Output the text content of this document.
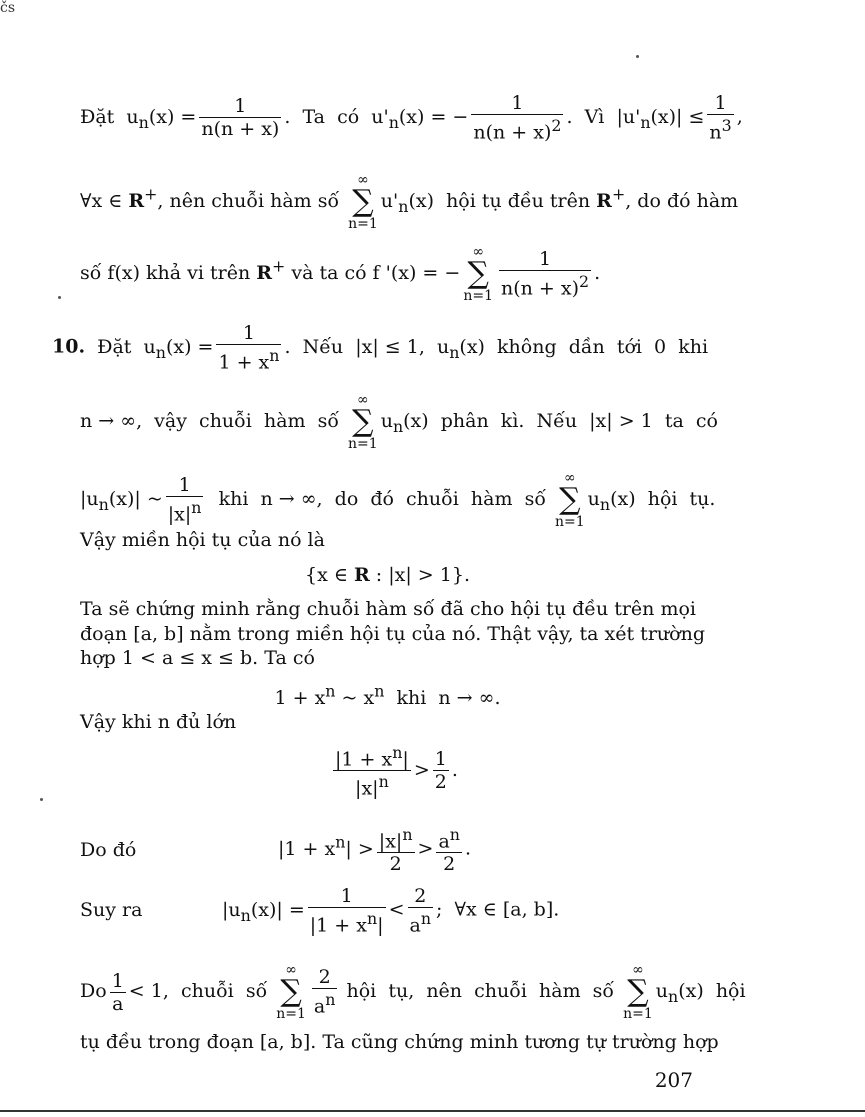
čs
Đặt  $u_n(x) = \frac{1}{n(n + x)}$ .  Ta  có  $u'_n(x)$ = − $\frac{1}{n(n + x)^2}$ .  Vì  $|u'_n(x)| \le \frac{1}{n^3}$ ,
∀x ∈ R+, nên chuỗi hàm số
∞
∑
n=1
$u'_n(x)$  hội tụ đều trên R+, do đó hàm
số f(x) khả vi trên R+ và ta có f '(x) = −
∞
∑
$n=1 \frac{1}{n(n + x)^2}$ .
10.  Đặt  $u_n(x) = \frac{1}{1 + x^n}$ .  Nếu  |x| ≤ 1,  $u_n(x)$  không  dần  tới  0  khi
n → ∞,  vậy  chuỗi  hàm  số
∞
∑
n=1
$u_n(x)$  phân  kì.  Nếu  |x| > 1  ta  có
$|u_n(x)|$ ~ $\frac{1}{|x|^n}$ khi  n → ∞,  do  đó  chuỗi  hàm  số
∞
∑
n=1
$u_n(x)$  hội  tụ.
Vậy miền hội tụ của nó là
{x ∈ R : |x| > 1}.
Ta sẽ chứng minh rằng chuỗi hàm số đã cho hội tụ đều trên mọi
đoạn [a, b] nằm trong miền hội tụ của nó. Thật vậy, ta xét trường
hợp 1 < a ≤ x ≤ b. Ta có
$1 + x^n$ ~ $x^n$  khi  n → ∞.
Vậy khi n đủ lớn
$\frac{|1 + x^n|}{|x|^n} > \frac{1}{2}$ .
Do đó	$|1 + x^n| > \frac{|x|^n}{2} > \frac{a^n}{2}$ .
Suy ra	$|u_n(x)| = \frac{1}{|1 + x^n|} < \frac{2}{a^n}$ ;  ∀x ∈ [a, b].
Do $\frac{1}{a} < 1$,  chuỗi  số
∞
∑
$n=1 \frac{2}{a^n}$ hội  tụ,  nên  chuỗi  hàm  số
∞
∑
n=1
$u_n(x)$  hội
tụ đều trong đoạn [a, b]. Ta cũng chứng minh tương tự trường hợp
207
